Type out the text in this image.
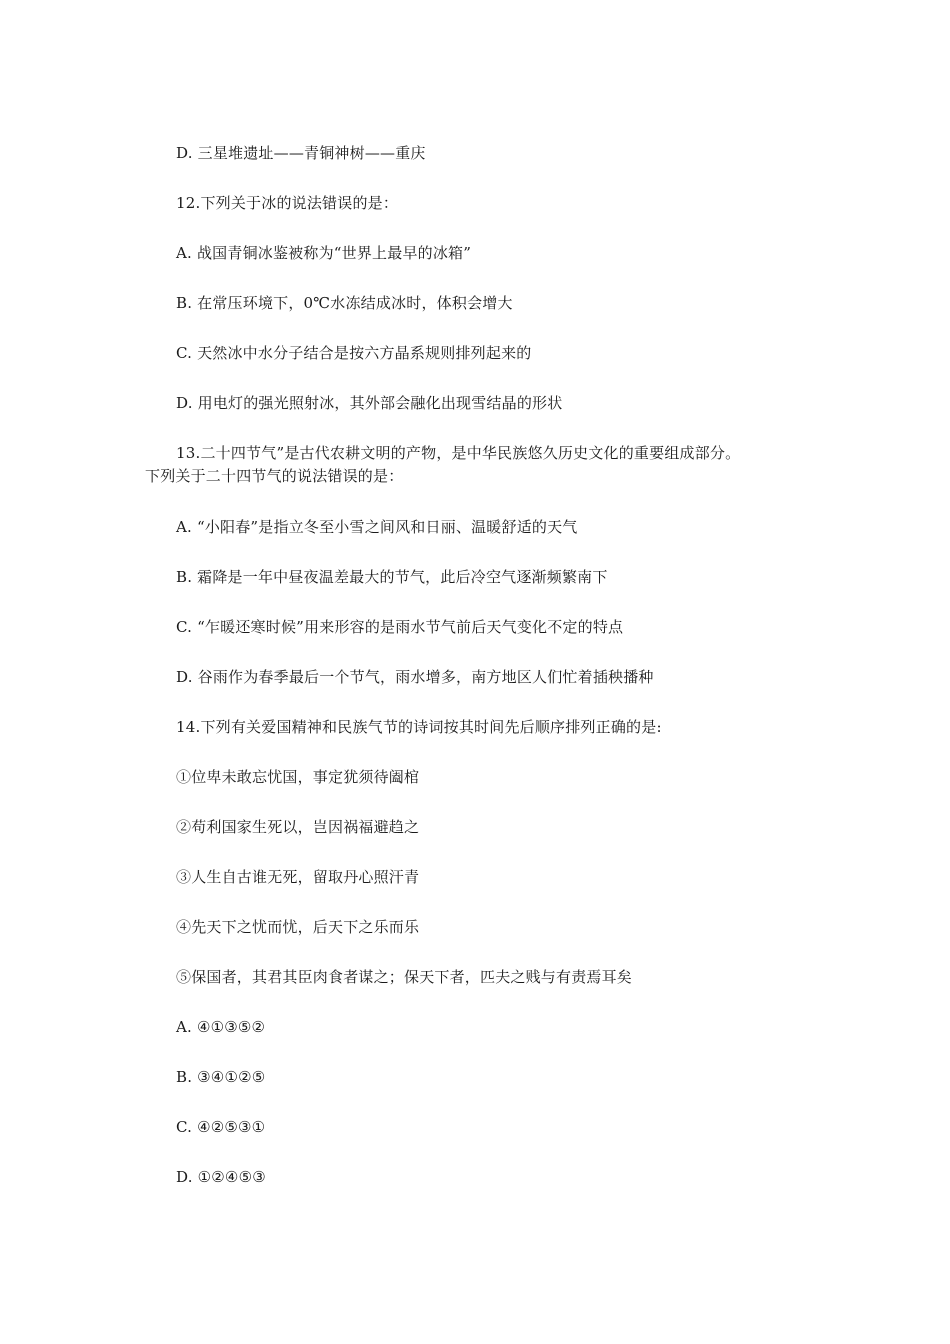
D. 三星堆遗址——青铜神树——重庆
12.下列关于冰的说法错误的是：
A. 战国青铜冰鉴被称为“世界上最早的冰箱”
B. 在常压环境下，0℃水冻结成冰时，体积会增大
C. 天然冰中水分子结合是按六方晶系规则排列起来的
D. 用电灯的强光照射冰，其外部会融化出现雪结晶的形状
13.二十四节气”是古代农耕文明的产物，是中华民族悠久历史文化的重要组成部分。
下列关于二十四节气的说法错误的是：
A. “小阳春”是指立冬至小雪之间风和日丽、温暖舒适的天气
B. 霜降是一年中昼夜温差最大的节气，此后冷空气逐渐频繁南下
C. “乍暖还寒时候”用来形容的是雨水节气前后天气变化不定的特点
D. 谷雨作为春季最后一个节气，雨水增多，南方地区人们忙着插秧播种
14.下列有关爱国精神和民族气节的诗词按其时间先后顺序排列正确的是:
①位卑未敢忘忧国，事定犹须待阖棺
②苟利国家生死以，岂因祸福避趋之
③人生自古谁无死，留取丹心照汗青
④先天下之忧而忧，后天下之乐而乐
⑤保国者，其君其臣肉食者谋之；保天下者，匹夫之贱与有责焉耳矣
A. ④①③⑤②
B. ③④①②⑤
C. ④②⑤③①
D. ①②④⑤③
